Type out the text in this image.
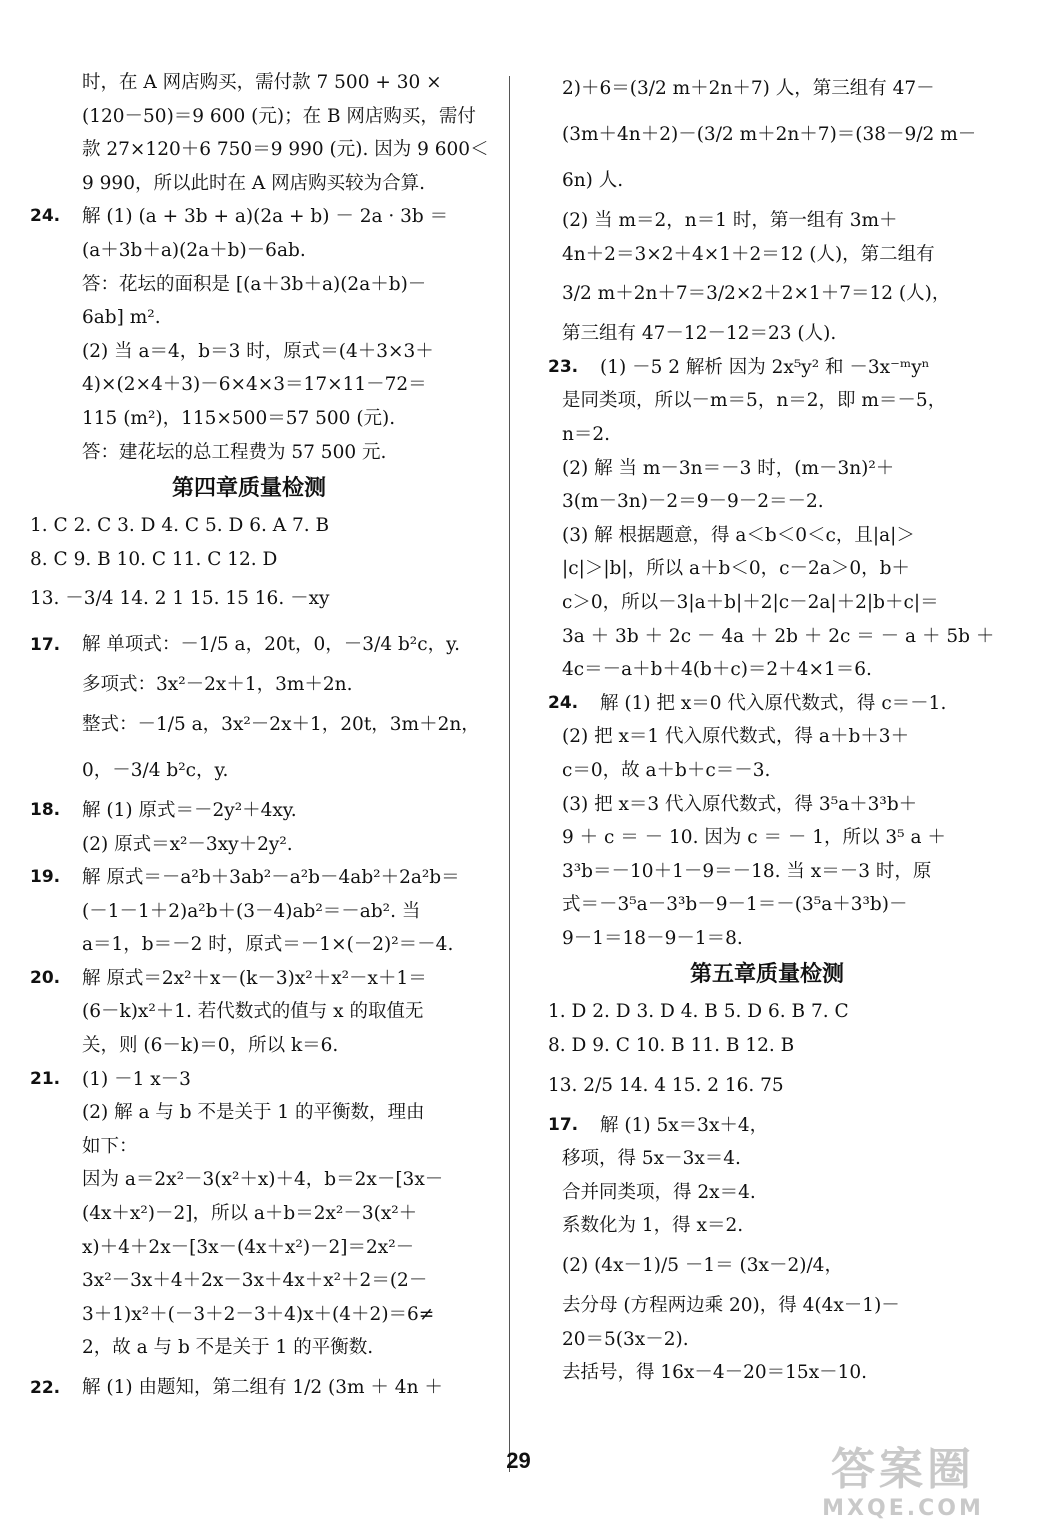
时，在 A 网店购买，需付款 7 500 + 30 ×
(120－50)＝9 600 (元)；在 B 网店购买，需付
款 27×120＋6 750＝9 990 (元). 因为 9 600＜
9 990，所以此时在 A 网店购买较为合算.
24. 解 (1) (a + 3b + a)(2a + b) － 2a · 3b ＝
(a＋3b＋a)(2a＋b)－6ab.
答：花坛的面积是 [(a＋3b＋a)(2a＋b)－
6ab] m².
(2) 当 a＝4，b＝3 时，原式＝(4＋3×3＋
4)×(2×4＋3)－6×4×3＝17×11－72＝
115 (m²)，115×500＝57 500 (元).
答：建花坛的总工程费为 57 500 元.
第四章质量检测
1. C 2. C 3. D 4. C 5. D 6. A 7. B
8. C 9. B 10. C 11. C 12. D
13. －3/4 14. 2 1 15. 15 16. －xy
17. 解 单项式：－1/5 a，20t，0，－3/4 b²c，y.
多项式：3x²－2x＋1，3m＋2n.
整式：－1/5 a，3x²－2x＋1，20t，3m＋2n，
0，－3/4 b²c，y.
18. 解 (1) 原式＝－2y²＋4xy.
(2) 原式＝x²－3xy＋2y².
19. 解 原式＝－a²b＋3ab²－a²b－4ab²＋2a²b＝
(－1－1＋2)a²b＋(3－4)ab²＝－ab². 当
a＝1，b＝－2 时，原式＝－1×(－2)²＝－4.
20. 解 原式＝2x²＋x－(k－3)x²＋x²－x＋1＝
(6－k)x²＋1. 若代数式的值与 x 的取值无
关，则 (6－k)＝0，所以 k＝6.
21. (1) －1 x－3
(2) 解 a 与 b 不是关于 1 的平衡数，理由
如下：
因为 a＝2x²－3(x²＋x)＋4，b＝2x－[3x－
(4x＋x²)－2]，所以 a＋b＝2x²－3(x²＋
x)＋4＋2x－[3x－(4x＋x²)－2]＝2x²－
3x²－3x＋4＋2x－3x＋4x＋x²＋2＝(2－
3＋1)x²＋(－3＋2－3＋4)x＋(4＋2)＝6≠
2，故 a 与 b 不是关于 1 的平衡数.
22. 解 (1) 由题知，第二组有 1/2 (3m ＋ 4n ＋
2)＋6＝(3/2 m＋2n＋7) 人，第三组有 47－
(3m＋4n＋2)－(3/2 m＋2n＋7)＝(38－9/2 m－
6n) 人.
(2) 当 m＝2，n＝1 时，第一组有 3m＋
4n＋2＝3×2＋4×1＋2＝12 (人)，第二组有
3/2 m＋2n＋7＝3/2×2＋2×1＋7＝12 (人)，
第三组有 47－12－12＝23 (人).
23. (1) －5 2 解析 因为 2x⁵y² 和 －3x⁻ᵐyⁿ
是同类项，所以－m＝5，n＝2，即 m＝－5，
n＝2.
(2) 解 当 m－3n＝－3 时，(m－3n)²＋
3(m－3n)－2＝9－9－2＝－2.
(3) 解 根据题意，得 a＜b＜0＜c，且|a|＞
|c|＞|b|，所以 a＋b＜0，c－2a＞0，b＋
c＞0，所以－3|a＋b|＋2|c－2a|＋2|b＋c|＝
3a ＋ 3b ＋ 2c － 4a ＋ 2b ＋ 2c ＝ － a ＋ 5b ＋
4c＝－a＋b＋4(b＋c)＝2＋4×1＝6.
24. 解 (1) 把 x＝0 代入原代数式，得 c＝－1.
(2) 把 x＝1 代入原代数式，得 a＋b＋3＋
c＝0，故 a＋b＋c＝－3.
(3) 把 x＝3 代入原代数式，得 3⁵a＋3³b＋
9 ＋ c ＝ － 10. 因为 c ＝ － 1，所以 3⁵ a ＋
3³b＝－10＋1－9＝－18. 当 x＝－3 时，原
式＝－3⁵a－3³b－9－1＝－(3⁵a＋3³b)－
9－1＝18－9－1＝8.
第五章质量检测
1. D 2. D 3. D 4. B 5. D 6. B 7. C
8. D 9. C 10. B 11. B 12. B
13. 2/5 14. 4 15. 2 16. 75
17. 解 (1) 5x＝3x＋4，
移项，得 5x－3x＝4.
合并同类项，得 2x＝4.
系数化为 1，得 x＝2.
(2) (4x－1)/5 －1＝ (3x－2)/4，
去分母 (方程两边乘 20)，得 4(4x－1)－
20＝5(3x－2).
去括号，得 16x－4－20＝15x－10.
29	答案圈
MXQE.COM
